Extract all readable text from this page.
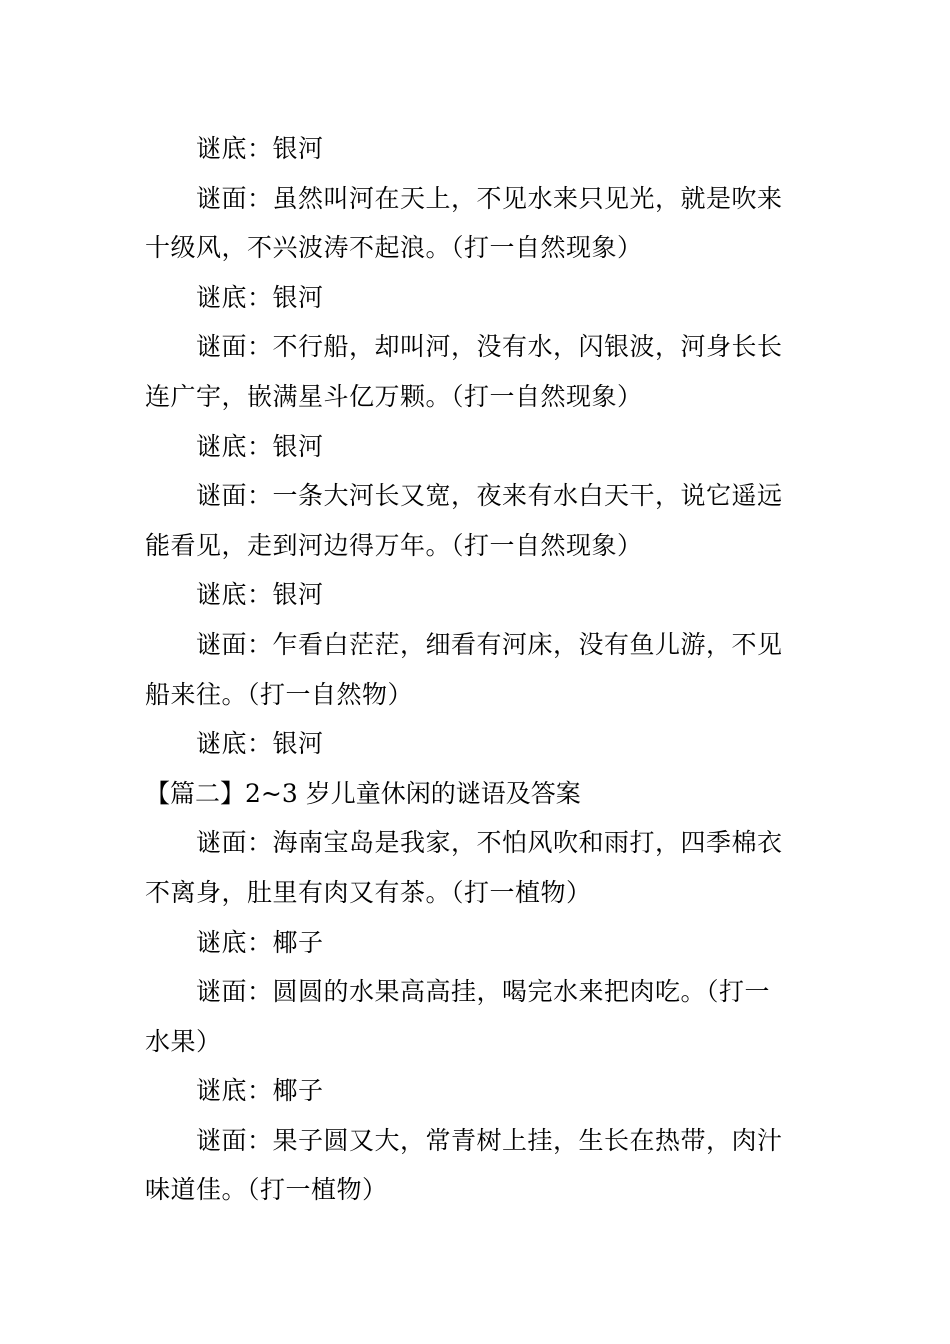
谜底：银河
谜面：虽然叫河在天上，不见水来只见光，就是吹来
十级风，不兴波涛不起浪。（打一自然现象）
谜底：银河
谜面：不行船，却叫河，没有水，闪银波，河身长长
连广宇，嵌满星斗亿万颗。（打一自然现象）
谜底：银河
谜面：一条大河长又宽，夜来有水白天干，说它遥远
能看见，走到河边得万年。（打一自然现象）
谜底：银河
谜面：乍看白茫茫，细看有河床，没有鱼儿游，不见
船来往。（打一自然物）
谜底：银河
【篇二】2~3 岁儿童休闲的谜语及答案
谜面：海南宝岛是我家，不怕风吹和雨打，四季棉衣
不离身，肚里有肉又有茶。（打一植物）
谜底：椰子
谜面：圆圆的水果高高挂，喝完水来把肉吃。（打一
水果）
谜底：椰子
谜面：果子圆又大，常青树上挂，生长在热带，肉汁
味道佳。（打一植物）
